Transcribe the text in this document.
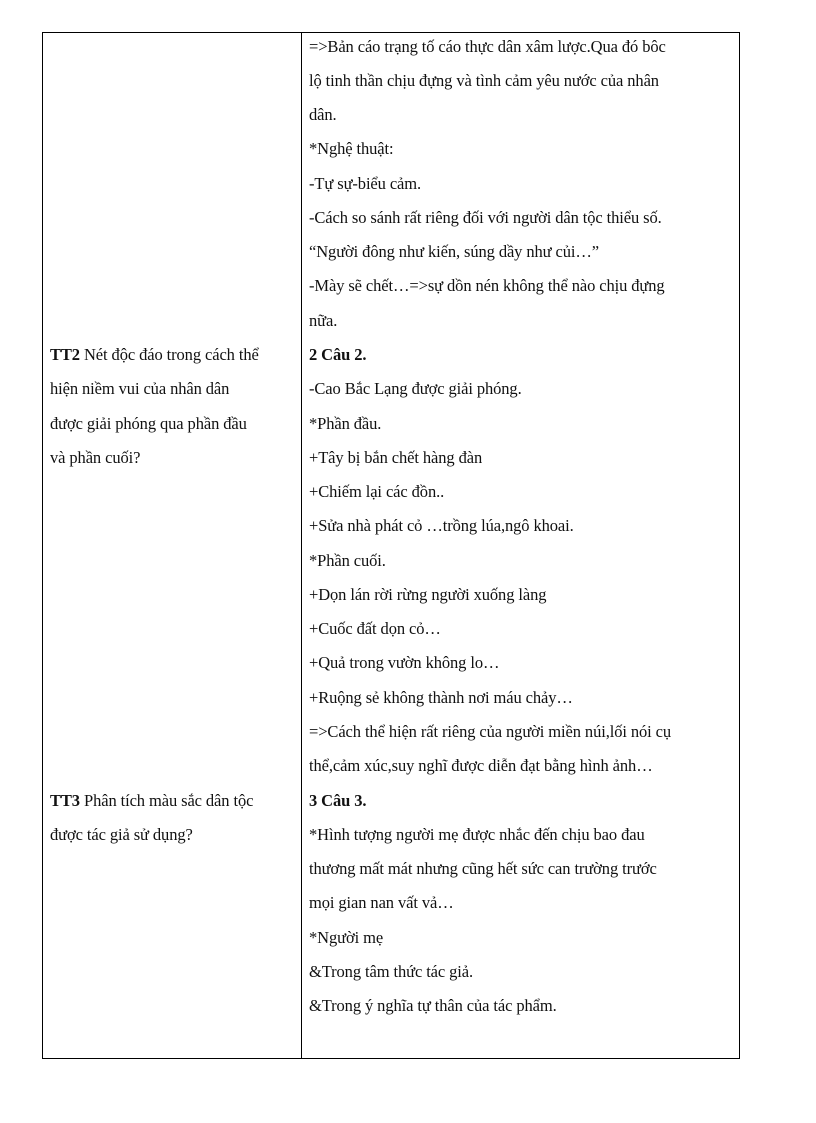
TT2 Nét độc đáo trong cách thể
hiện niềm vui của nhân dân
được giải phóng qua phần đầu
và phần cuối?
TT3 Phân tích màu sắc dân tộc
được tác giả sử dụng?
=>Bản cáo trạng tố cáo thực dân xâm lược.Qua đó bôc
lộ tinh thần chịu đựng và tình cảm yêu nước của nhân
dân.
*Nghệ thuật:
-Tự sự-biểu cảm.
-Cách so sánh rất riêng đối với người dân tộc thiểu số.
“Người đông như kiến, súng dầy như củi…”
-Mày sẽ chết…=>sự dồn nén không thể nào chịu đựng
nữa.
2 Câu 2.
-Cao Bắc Lạng được giải phóng.
*Phần đầu.
+Tây bị bắn chết hàng đàn
+Chiếm lại các đồn..
+Sửa nhà phát cỏ …trồng lúa,ngô khoai.
*Phần cuối.
+Dọn lán rời rừng người xuống làng
+Cuốc đất dọn cỏ…
+Quả trong vườn không lo…
+Ruộng sẻ không thành nơi máu chảy…
=>Cách thể hiện rất riêng của người miền núi,lối nói cụ
thể,cảm xúc,suy nghĩ được diễn đạt bằng hình ảnh…
3 Câu 3.
*Hình tượng người mẹ được nhắc đến chịu bao đau
thương mất mát nhưng cũng hết sức can trường trước
mọi gian nan vất vả…
*Người mẹ
&Trong tâm thức tác giả.
&Trong ý nghĩa tự thân của tác phẩm.
